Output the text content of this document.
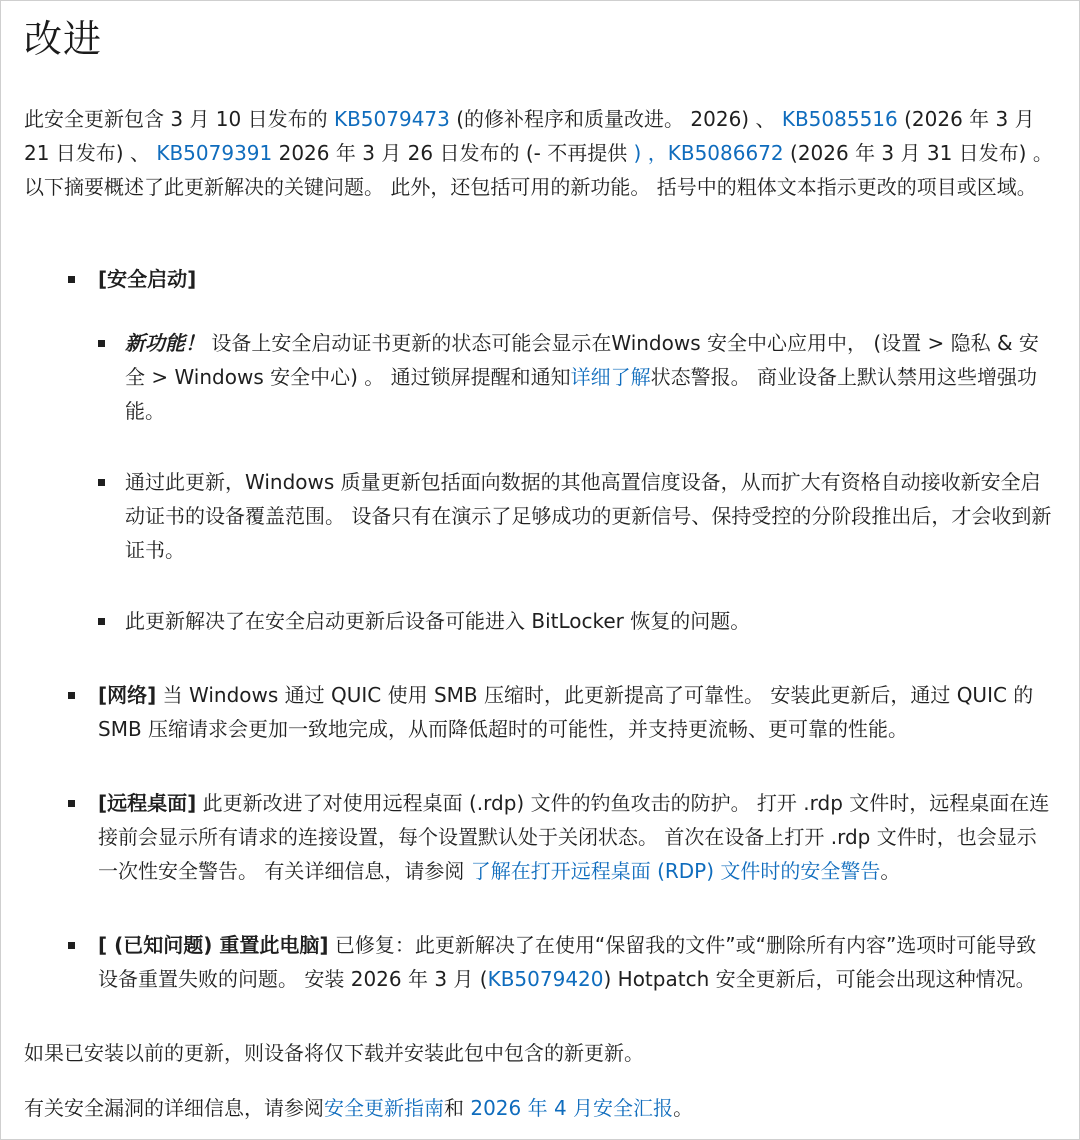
改进

此安全更新包含 3 月 10 日发布的 KB5079473 (的修补程序和质量改进。 2026) 、 KB5085516 (2026 年 3 月 21 日发布) 、 KB5079391 2026 年 3 月 26 日发布的 (- 不再提供 ) ，KB5086672 (2026 年 3 月 31 日发布) 。 以下摘要概述了此更新解决的关键问题。 此外，还包括可用的新功能。 括号中的粗体文本指示更改的项目或区域。

[安全启动]
新功能！ 设备上安全启动证书更新的状态可能会显示在Windows 安全中心应用中， (设置 > 隐私 & 安全 > Windows 安全中心) 。 通过锁屏提醒和通知详细了解状态警报。 商业设备上默认禁用这些增强功能。
通过此更新，Windows 质量更新包括面向数据的其他高置信度设备，从而扩大有资格自动接收新安全启动证书的设备覆盖范围。 设备只有在演示了足够成功的更新信号、保持受控的分阶段推出后，才会收到新证书。
此更新解决了在安全启动更新后设备可能进入 BitLocker 恢复的问题。
[网络] 当 Windows 通过 QUIC 使用 SMB 压缩时，此更新提高了可靠性。 安装此更新后，通过 QUIC 的 SMB 压缩请求会更加一致地完成，从而降低超时的可能性，并支持更流畅、更可靠的性能。
[远程桌面] 此更新改进了对使用远程桌面 (.rdp) 文件的钓鱼攻击的防护。 打开 .rdp 文件时，远程桌面在连接前会显示所有请求的连接设置，每个设置默认处于关闭状态。 首次在设备上打开 .rdp 文件时，也会显示一次性安全警告。 有关详细信息，请参阅 了解在打开远程桌面 (RDP) 文件时的安全警告。
[ (已知问题) 重置此电脑] 已修复：此更新解决了在使用“保留我的文件”或“删除所有内容”选项时可能导致设备重置失败的问题。 安装 2026 年 3 月 (KB5079420) Hotpatch 安全更新后，可能会出现这种情况。

如果已安装以前的更新，则设备将仅下载并安装此包中包含的新更新。

有关安全漏洞的详细信息，请参阅安全更新指南和 2026 年 4 月安全汇报。
